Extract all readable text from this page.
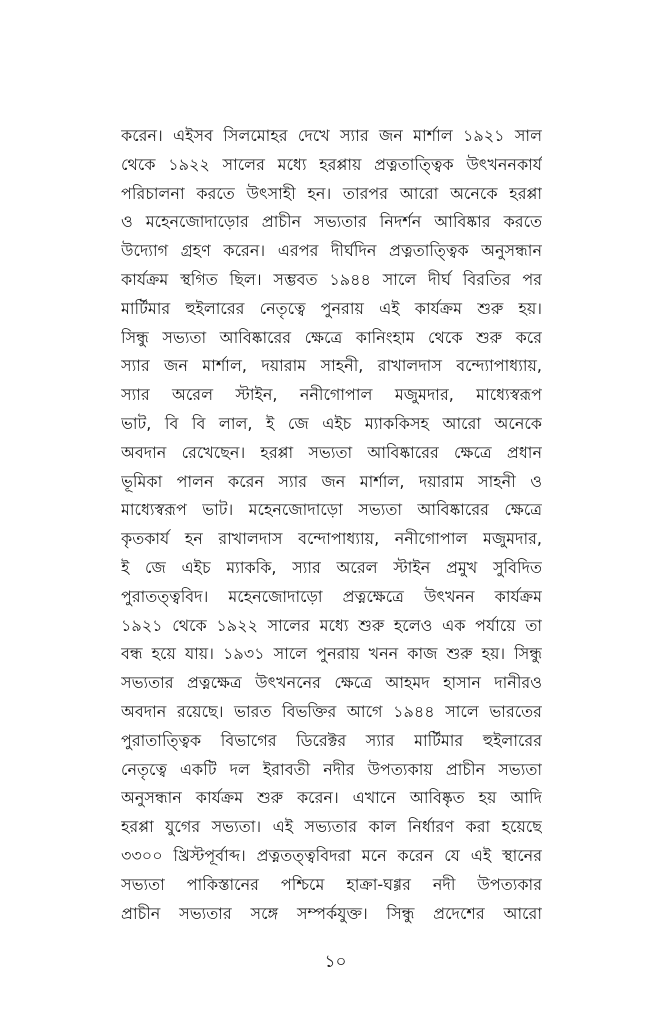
করেন। এইসব সিলমোহর দেখে স্যার জন মার্শাল ১৯২১ সাল
থেকে ১৯২২ সালের মধ্যে হরপ্পায় প্রত্নতাত্ত্বিক উৎখননকার্য
পরিচালনা করতে উৎসাহী হন। তারপর আরো অনেকে হরপ্পা
ও মহেনজোদাড়োর প্রাচীন সভ্যতার নিদর্শন আবিষ্কার করতে
উদ্যোগ গ্রহণ করেন। এরপর দীর্ঘদিন প্রত্নতাত্ত্বিক অনুসন্ধান
কার্যক্রম স্থগিত ছিল। সম্ভবত ১৯৪৪ সালে দীর্ঘ বিরতির পর
মার্টিমার হুইলারের নেতৃত্বে পুনরায় এই কার্যক্রম শুরু হয়।
সিন্ধু সভ্যতা আবিষ্কারের ক্ষেত্রে কানিংহাম থেকে শুরু করে
স্যার জন মার্শাল, দয়ারাম সাহনী, রাখালদাস বন্দ্যোপাধ্যায়,
স্যার অরেল স্টাইন, ননীগোপাল মজুমদার, মাধ্যেস্বরূপ
ভাট, বি বি লাল, ই জে এইচ ম্যাককিসহ আরো অনেকে
অবদান রেখেছেন। হরপ্পা সভ্যতা আবিষ্কারের ক্ষেত্রে প্রধান
ভূমিকা পালন করেন স্যার জন মার্শাল, দয়ারাম সাহনী ও
মাধ্যেস্বরূপ ভাট। মহেনজোদাড়ো সভ্যতা আবিষ্কারের ক্ষেত্রে
কৃতকার্য হন রাখালদাস বন্দোপাধ্যায়, ননীগোপাল মজুমদার,
ই জে এইচ ম্যাককি, স্যার অরেল স্টাইন প্রমুখ সুবিদিত
পুরাতত্ত্ববিদ। মহেনজোদাড়ো প্রত্নক্ষেত্রে উৎখনন কার্যক্রম
১৯২১ থেকে ১৯২২ সালের মধ্যে শুরু হলেও এক পর্যায়ে তা
বন্ধ হয়ে যায়। ১৯৩১ সালে পুনরায় খনন কাজ শুরু হয়। সিন্ধু
সভ্যতার প্রত্নক্ষেত্র উৎখননের ক্ষেত্রে আহমদ হাসান দানীরও
অবদান রয়েছে। ভারত বিভক্তির আগে ১৯৪৪ সালে ভারতের
পুরাতাত্ত্বিক বিভাগের ডিরেক্টর স্যার মার্টিমার হুইলারের
নেতৃত্বে একটি দল ইরাবতী নদীর উপত্যকায় প্রাচীন সভ্যতা
অনুসন্ধান কার্যক্রম শুরু করেন। এখানে আবিষ্কৃত হয় আদি
হরপ্পা যুগের সভ্যতা। এই সভ্যতার কাল নির্ধারণ করা হয়েছে
৩৩০০ খ্রিস্টপূর্বাব্দ। প্রত্নতত্ত্ববিদরা মনে করেন যে এই স্থানের
সভ্যতা পাকিস্তানের পশ্চিমে হাক্রা-ঘগ্গর নদী উপত্যকার
প্রাচীন সভ্যতার সঙ্গে সম্পর্কযুক্ত। সিন্ধু প্রদেশের আরো
১০
